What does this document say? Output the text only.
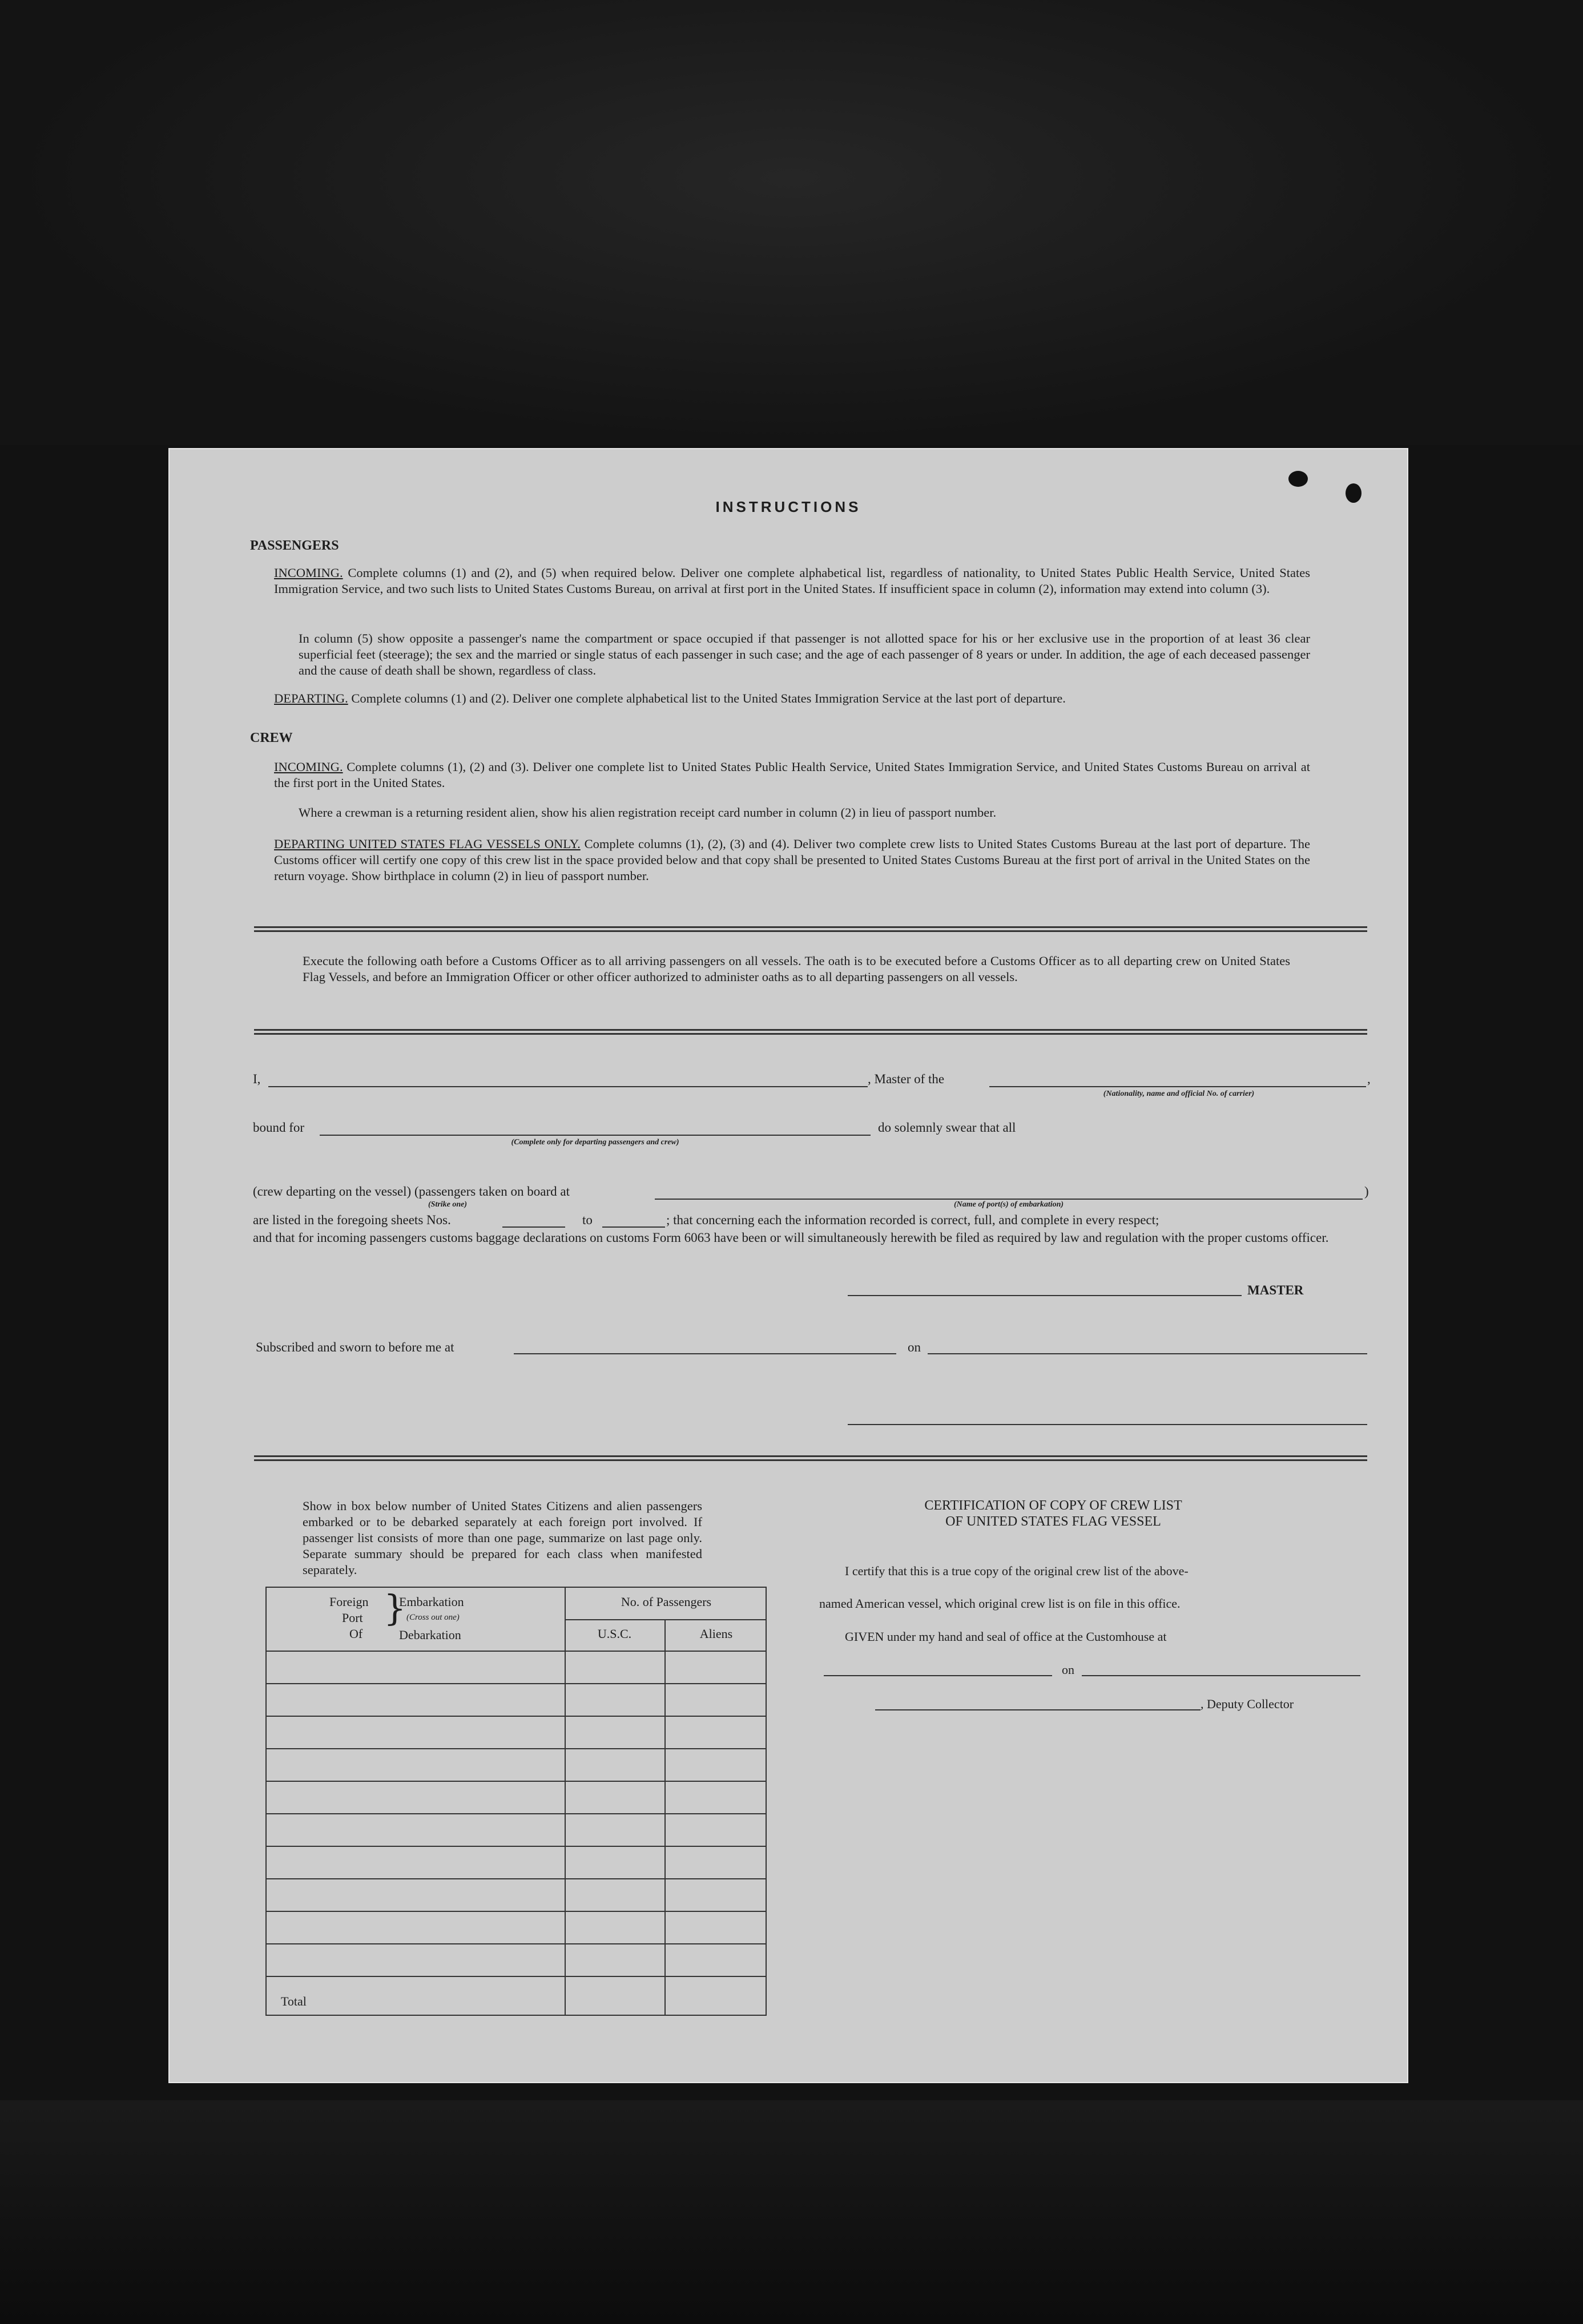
INSTRUCTIONS
PASSENGERS
INCOMING. Complete columns (1) and (2), and (5) when required below. Deliver one complete alphabetical list, regardless of nationality, to United States Public Health Service, United States Immigration Service, and two such lists to United States Customs Bureau, on arrival at first port in the United States. If insufficient space in column (2), information may extend into column (3).
In column (5) show opposite a passenger's name the compartment or space occupied if that passenger is not allotted space for his or her exclusive use in the proportion of at least 36 clear superficial feet (steerage); the sex and the married or single status of each passenger in such case; and the age of each passenger of 8 years or under. In addition, the age of each deceased passenger and the cause of death shall be shown, regardless of class.
DEPARTING. Complete columns (1) and (2). Deliver one complete alphabetical list to the United States Immigration Service at the last port of departure.
CREW
INCOMING. Complete columns (1), (2) and (3). Deliver one complete list to United States Public Health Service, United States Immigration Service, and United States Customs Bureau on arrival at the first port in the United States.
Where a crewman is a returning resident alien, show his alien registration receipt card number in column (2) in lieu of passport number.
DEPARTING UNITED STATES FLAG VESSELS ONLY. Complete columns (1), (2), (3) and (4). Deliver two complete crew lists to United States Customs Bureau at the last port of departure. The Customs officer will certify one copy of this crew list in the space provided below and that copy shall be presented to United States Customs Bureau at the first port of arrival in the United States on the return voyage. Show birthplace in column (2) in lieu of passport number.
Execute the following oath before a Customs Officer as to all arriving passengers on all vessels. The oath is to be executed before a Customs Officer as to all departing crew on United States Flag Vessels, and before an Immigration Officer or other officer authorized to administer oaths as to all departing passengers on all vessels.
I,	, Master of the	,
(Nationality, name and official No. of carrier)
bound for
(Complete only for departing passengers and crew)
do solemnly swear that all
(crew departing on the vessel) (passengers taken on board at
(Strike one)
)
(Name of port(s) of embarkation)
are listed in the foregoing sheets Nos.	to	; that concerning each the information recorded is correct, full, and complete in every respect;
and that for incoming passengers customs baggage declarations on customs Form 6063 have been or will simultaneously herewith be filed as required by law and regulation with the proper customs officer.
MASTER
Subscribed and sworn to before me at	on
Show in box below number of United States Citizens and alien passengers embarked or to be debarked separately at each foreign port involved. If passenger list consists of more than one page, summarize on last page only. Separate summary should be prepared for each class when manifested separately.
Foreign
Port
Of
}
Embarkation
(Cross out one)
Debarkation
No. of Passengers
U.S.C.	Aliens
Total
CERTIFICATION OF COPY OF CREW LIST
OF UNITED STATES FLAG VESSEL
I certify that this is a true copy of the original crew list of the above-
named American vessel, which original crew list is on file in this office.
GIVEN under my hand and seal of office at the Customhouse at
on
, Deputy Collector
